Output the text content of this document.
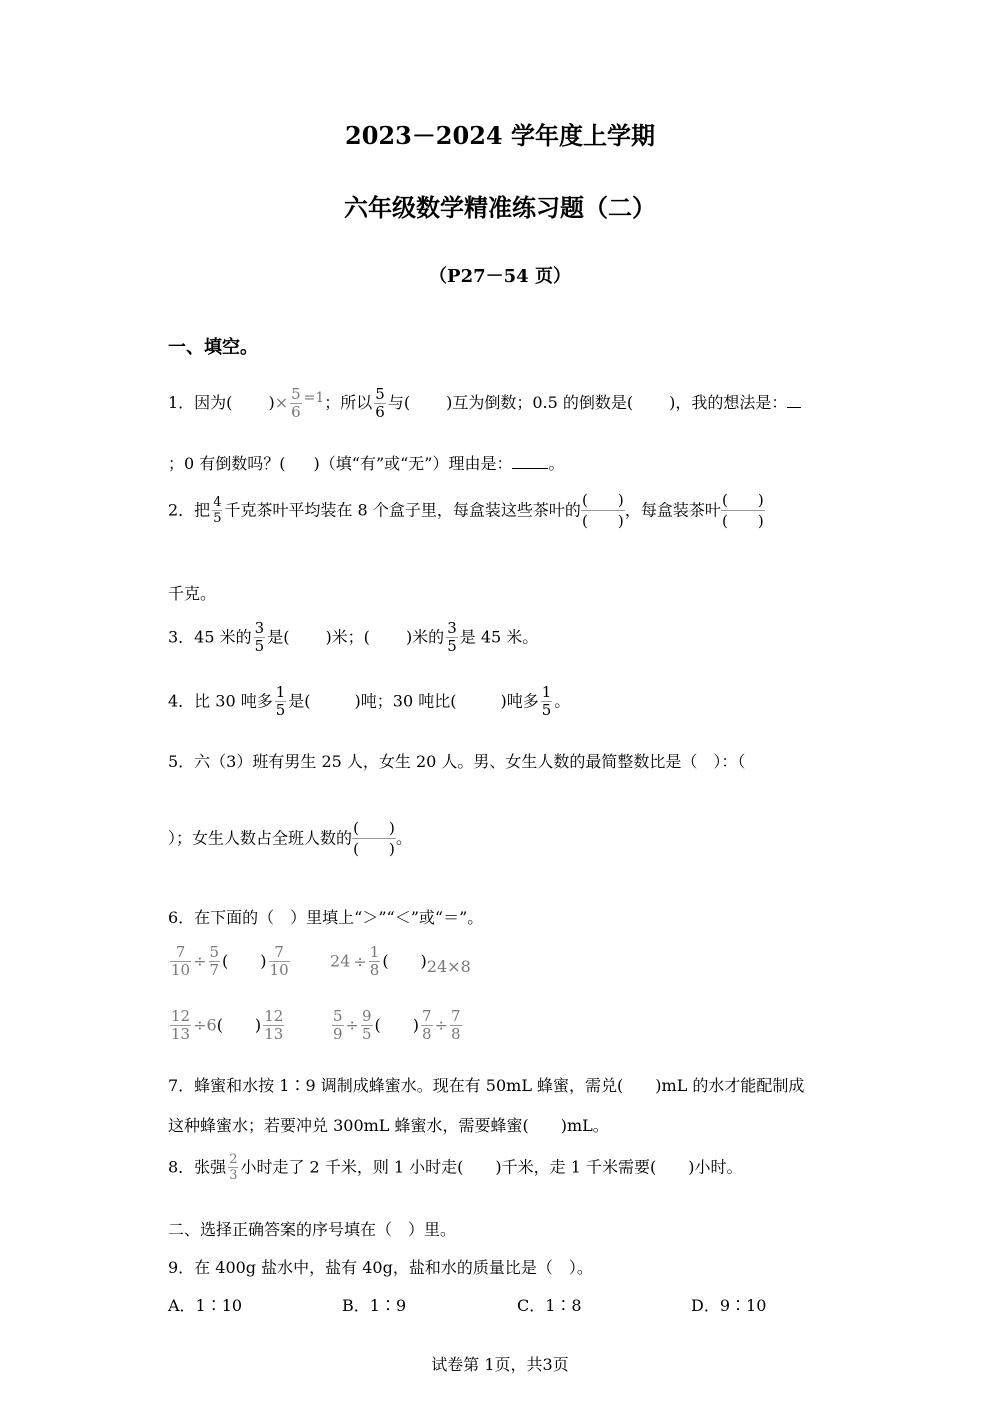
2023－2024 学年度上学期
六年级数学精准练习题（二）
（P27－54 页）
一、填空。
1．因为( )× $\frac{5}{6} =1$；所以 $\frac{5}{6}$ 与( )互为倒数；0.5 的倒数是( )，我的想法是：
；0 有倒数吗？( )（填“有”或“无”）理由是： 。
2．把 $\frac{4}{5}$ 千克茶叶平均装在 8 个盒子里，每盒装这些茶叶的 $\frac{( )}{( )}$ ，每盒装茶叶 $\frac{( )}{( )}$
千克。
3．45 米的 $\frac{3}{5}$ 是( )米；( )米的 $\frac{3}{5}$ 是 45 米。
4．比 30 吨多 $\frac{1}{5}$ 是(	)吨；30 吨比(	)吨多 $\frac{1}{5}$ 。
5．六（3）班有男生 25 人，女生 20 人。男、女生人数的最简整数比是（　）：（
）；女生人数占全班人数的 $\frac{( )}{( )}$ 。
6．在下面的（　）里填上“＞”“＜”或“＝”。
$\frac{7}{10} \div \frac{5}{7}$ (　　) $\frac{7}{10}$	$24 \div \frac{1}{8}$ (　　)24×8
$\frac{12}{13} \div 6$(　　) $\frac{12}{13}$	$\frac{5}{9} \div \frac{9}{5}$ (　　) $\frac{7}{8} \div \frac{7}{8}$
7．蜂蜜和水按 1∶9 调制成蜂蜜水。现在有 50mL 蜂蜜，需兑(　　)mL 的水才能配制成
这种蜂蜜水；若要冲兑 300mL 蜂蜜水，需要蜂蜜(　　)mL。
8．张强 $\frac{2}{3}$ 小时走了 2 千米，则 1 小时走(　　)千米，走 1 千米需要(　　)小时。
二、选择正确答案的序号填在（　）里。
9．在 400g 盐水中，盐有 40g，盐和水的质量比是（　）。
A．1∶10	B．1∶9	C．1∶8	D．9∶10
试卷第 1页，共3页
